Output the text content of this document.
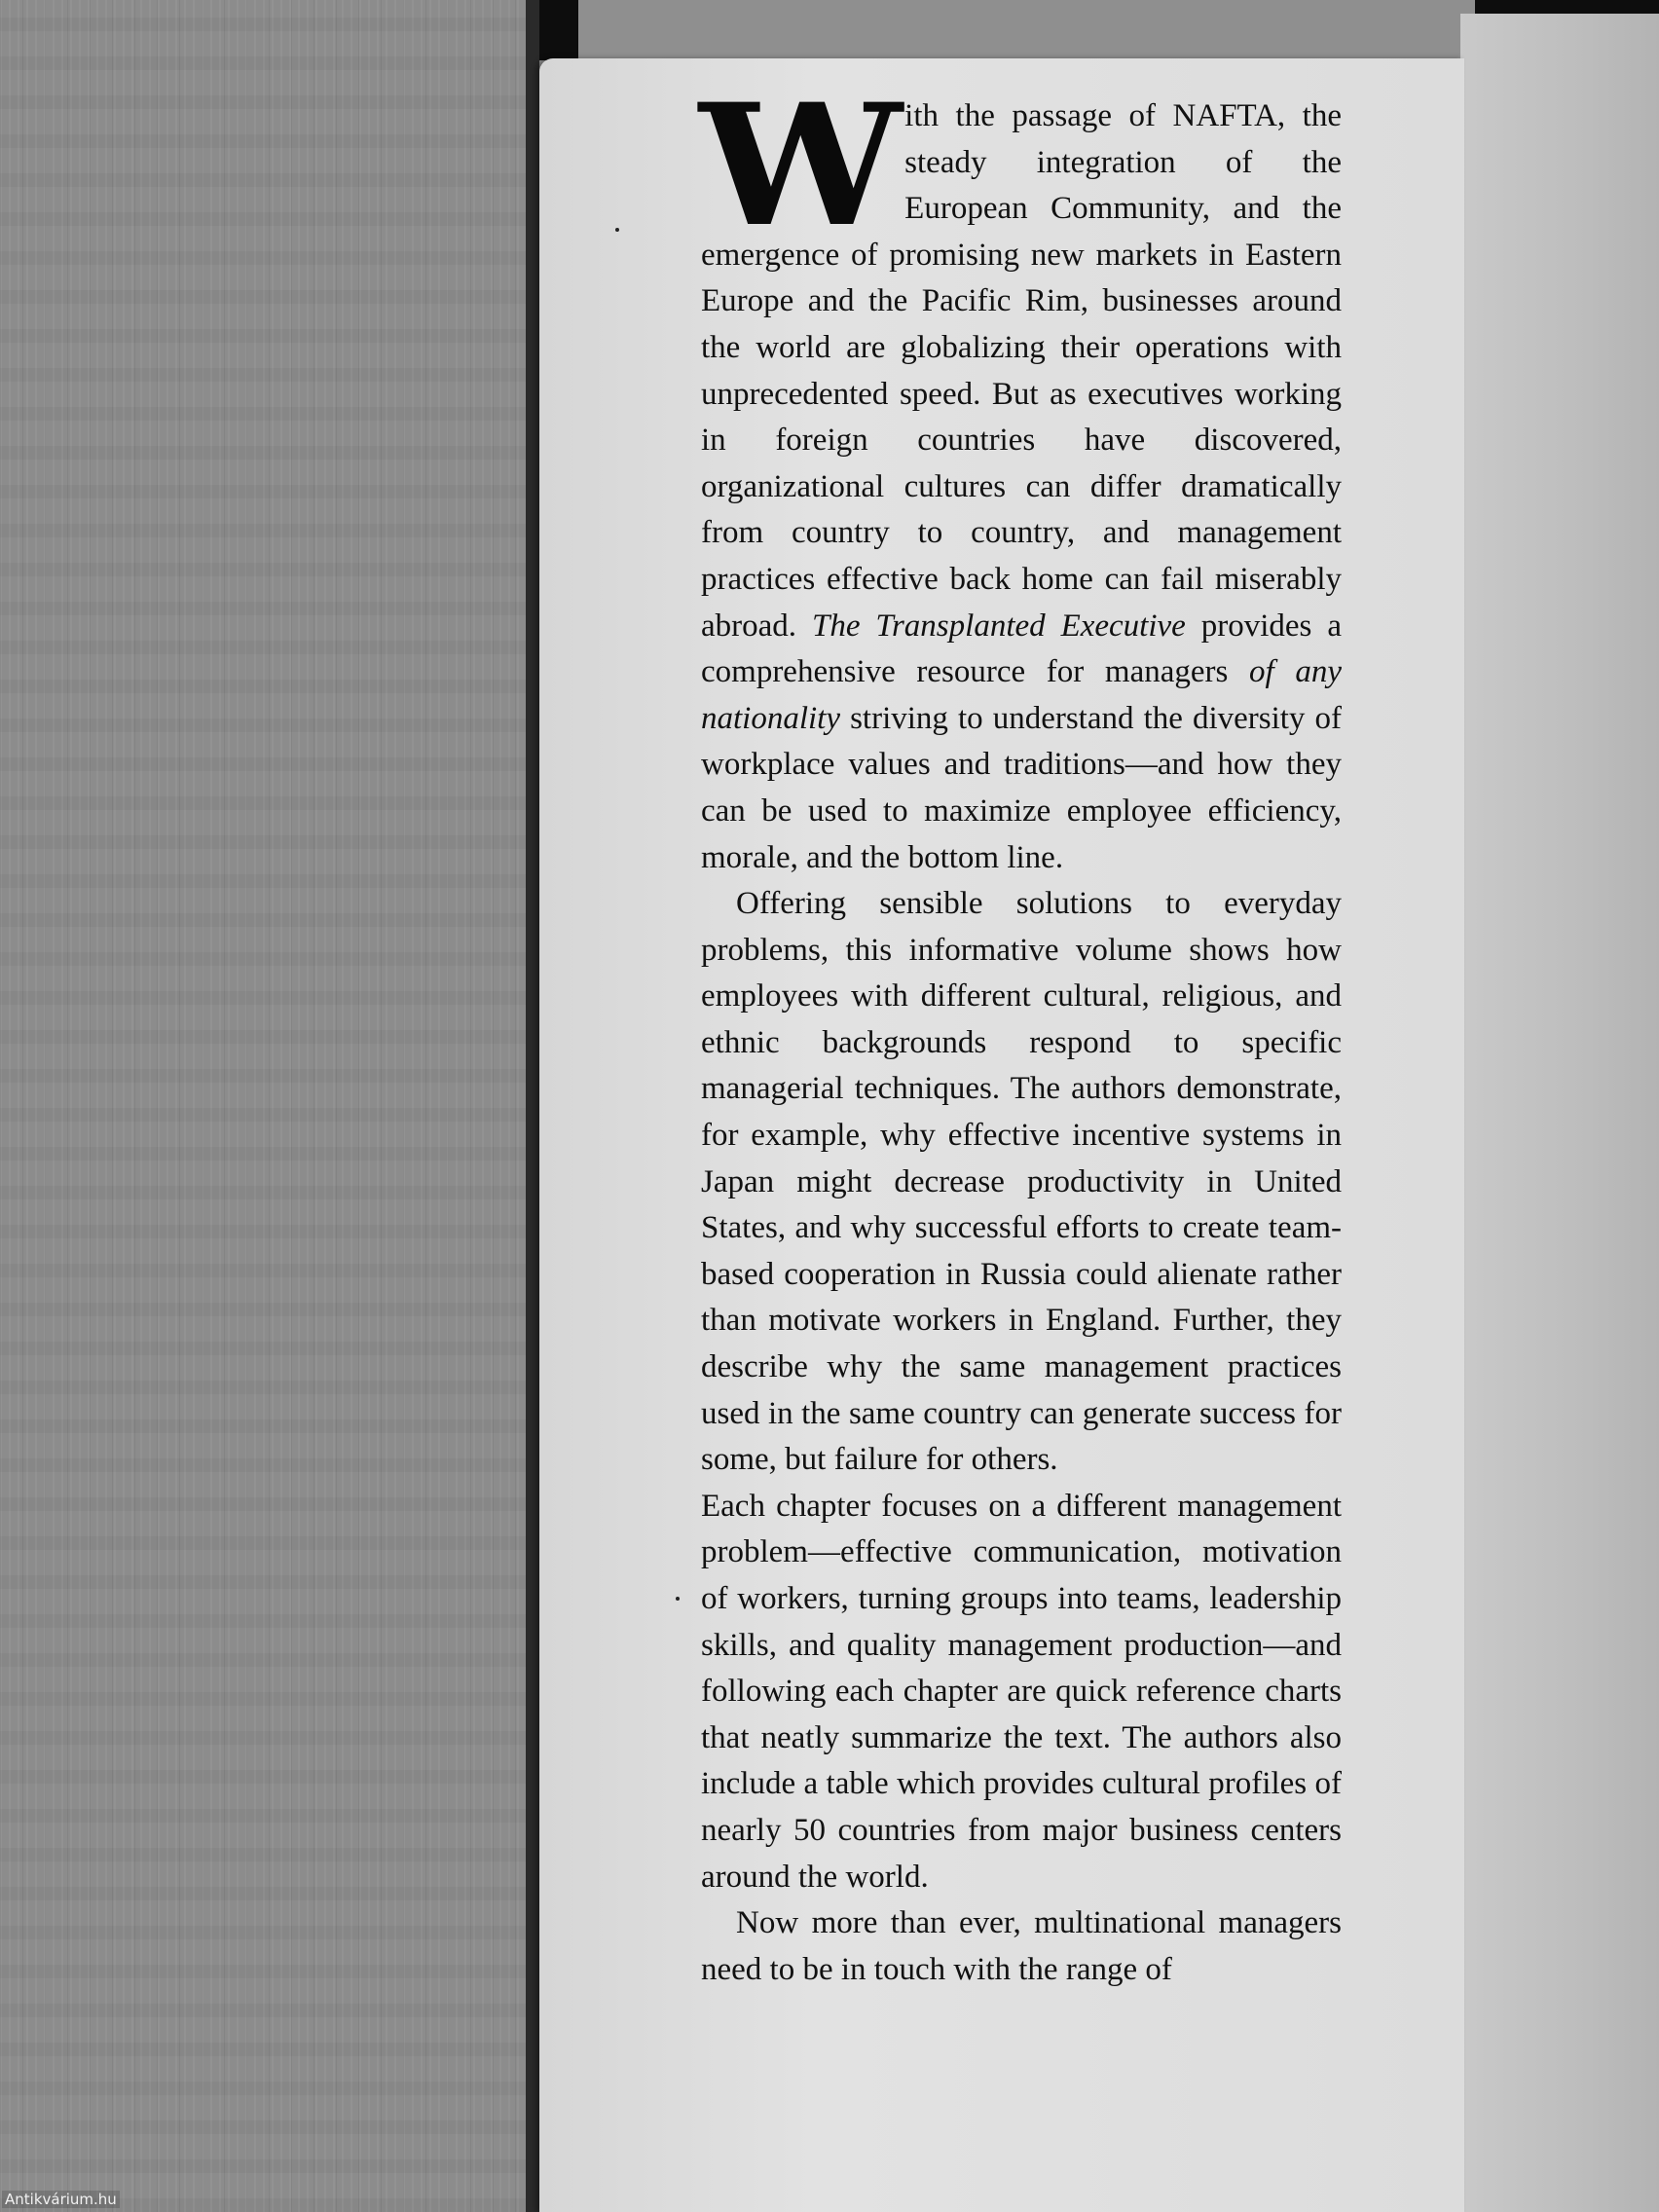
With the passage of NAFTA, the steady integration of the European Community, and the emergence of promising new markets in Eastern Europe and the Pacific Rim, businesses around the world are globalizing their operations with unprecedented speed. But as executives working in foreign countries have discovered, organizational cultures can differ dramatically from country to country, and management practices effective back home can fail miserably abroad. The Transplanted Executive provides a comprehensive resource for managers of any nationality striving to understand the diversity of workplace values and traditions—and how they can be used to maximize employee efficiency, morale, and the bottom line.

Offering sensible solutions to everyday problems, this informative volume shows how employees with different cultural, religious, and ethnic backgrounds respond to specific managerial techniques. The authors demonstrate, for example, why effective incentive systems in Japan might decrease productivity in United States, and why successful efforts to create team-based cooperation in Russia could alienate rather than motivate workers in England. Further, they describe why the same management practices used in the same country can generate success for some, but failure for others.

Each chapter focuses on a different management problem—effective communication, motivation of workers, turning groups into teams, leadership skills, and quality management production—and following each chapter are quick reference charts that neatly summarize the text. The authors also include a table which provides cultural profiles of nearly 50 countries from major business centers around the world.

Now more than ever, multinational managers need to be in touch with the range of

Antikvárium.hu
